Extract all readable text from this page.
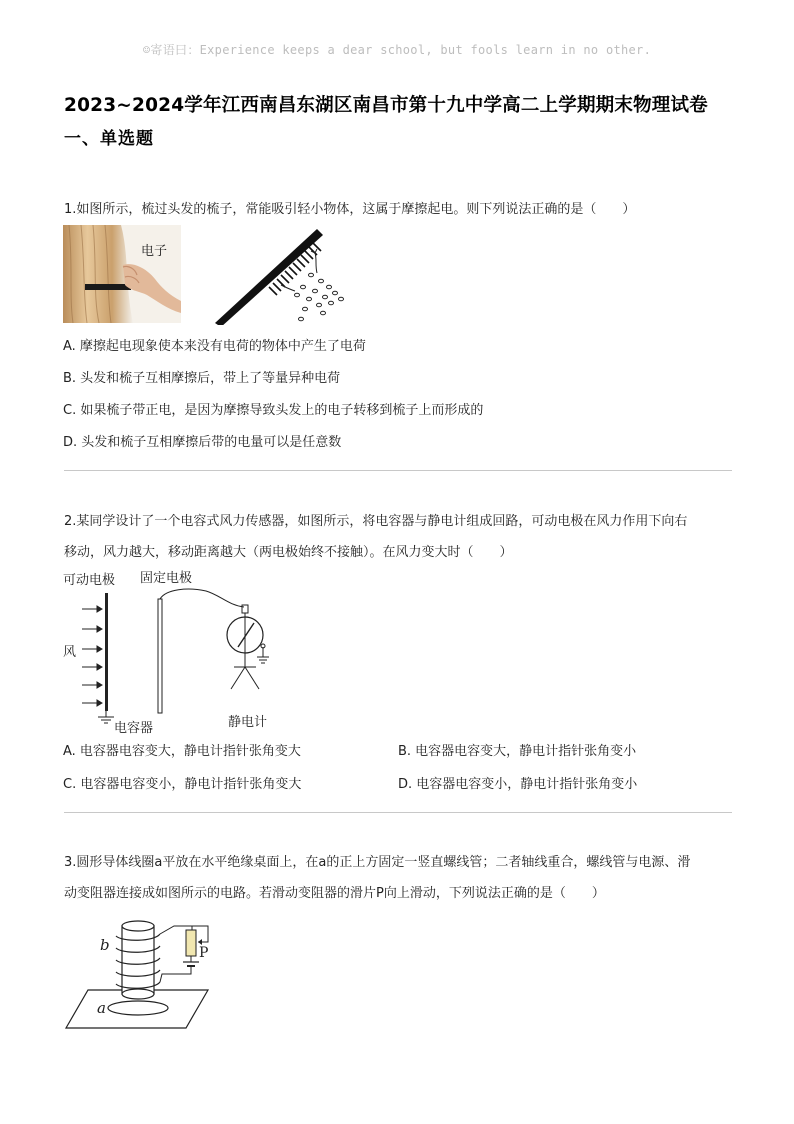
☺寄语曰：Experience keeps a dear school, but fools learn in no other.
2023~2024学年江西南昌东湖区南昌市第十九中学高二上学期期末物理试卷
一、单选题
1.如图所示，梳过头发的梳子，常能吸引轻小物体，这属于摩擦起电。则下列说法正确的是（　　）
电子
A. 摩擦起电现象使本来没有电荷的物体中产生了电荷
B. 头发和梳子互相摩擦后，带上了等量异种电荷
C. 如果梳子带正电，是因为摩擦导致头发上的电子转移到梳子上而形成的
D. 头发和梳子互相摩擦后带的电量可以是任意数
2.某同学设计了一个电容式风力传感器，如图所示，将电容器与静电计组成回路，可动电极在风力作用下向右
移动，风力越大，移动距离越大（两电极始终不接触）。在风力变大时（　　）
可动电极 固定电极
风
电容器	静电计
A. 电容器电容变大，静电计指针张角变大	B. 电容器电容变大，静电计指针张角变小
C. 电容器电容变小，静电计指针张角变大	D. 电容器电容变小，静电计指针张角变小
3.圆形导体线圈a平放在水平绝缘桌面上，在a的正上方固定一竖直螺线管；二者轴线重合，螺线管与电源、滑
动变阻器连接成如图所示的电路。若滑动变阻器的滑片P向上滑动，下列说法正确的是（　　）
b
a
P
